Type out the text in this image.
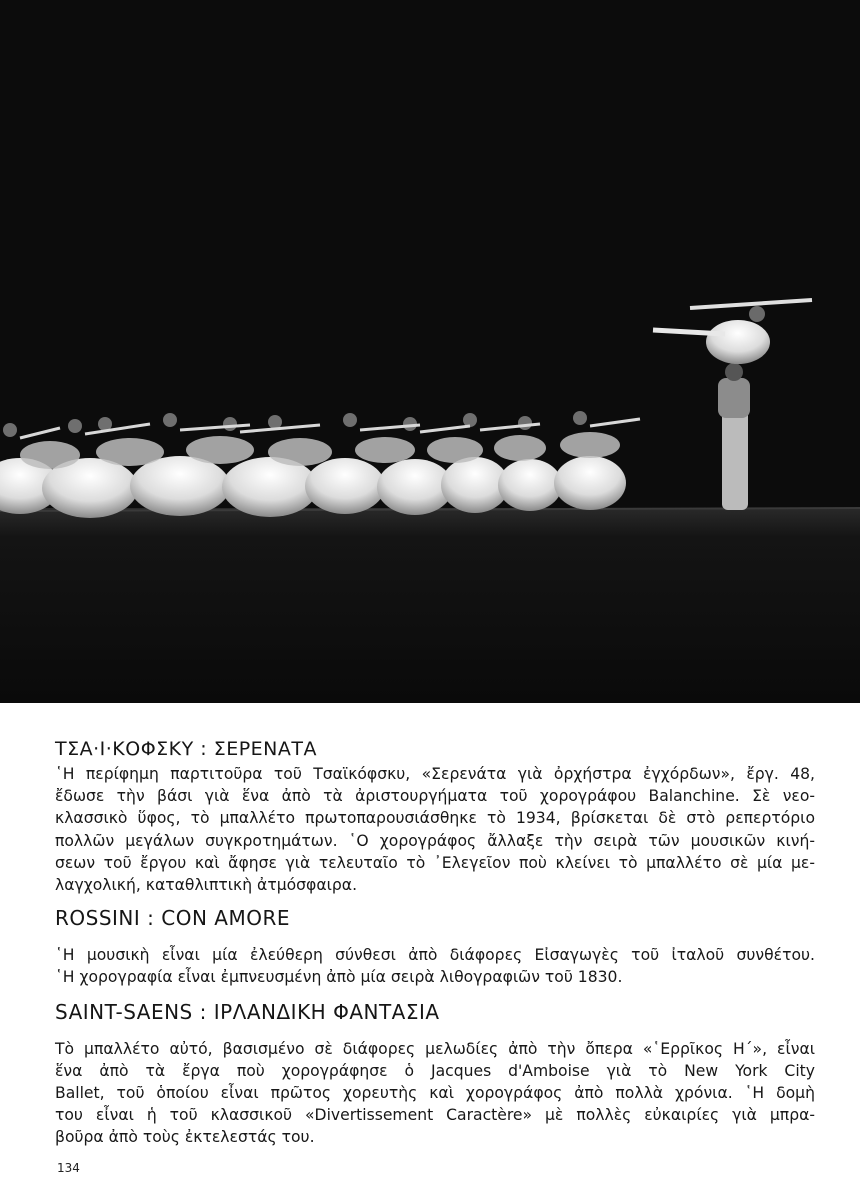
ΤΣΑ·Ι·ΚΟΦΣΚΥ : ΣΕΡΕΝΑΤΑ

῾Η περίφημη παρτιτοῦρα τοῦ Τσαϊκόφσκυ, «Σερενάτα γιὰ ὀρχήστρα ἐγχόρδων», ἔργ. 48,
ἔδωσε τὴν βάσι γιὰ ἕνα ἀπὸ τὰ ἀριστουργήματα τοῦ χορογράφου Balanchine. Σὲ νεο-
κλασσικὸ ὕφος, τὸ μπαλλέτο πρωτοπαρουσιάσθηκε τὸ 1934, βρίσκεται δὲ στὸ ρεπερτόριο
πολλῶν μεγάλων συγκροτημάτων. ῾Ο χορογράφος ἄλλαξε τὴν σειρὰ τῶν μουσικῶν κινή-
σεων τοῦ ἔργου καὶ ἄφησε γιὰ τελευταῖο τὸ ᾿Ελεγεῖον ποὺ κλείνει τὸ μπαλλέτο σὲ μία με-
λαγχολική, καταθλιπτικὴ ἀτμόσφαιρα.

ROSSINI : CON AMORE

῾Η μουσικὴ εἶναι μία ἐλεύθερη σύνθεσι ἀπὸ διάφορες Εἰσαγωγὲς τοῦ ἰταλοῦ συνθέτου.
῾Η χορογραφία εἶναι ἐμπνευσμένη ἀπὸ μία σειρὰ λιθογραφιῶν τοῦ 1830.

SAINT-SAENS : ΙΡΛΑΝΔΙΚΗ ΦΑΝΤΑΣΙΑ

Τὸ μπαλλέτο αὐτό, βασισμένο σὲ διάφορες μελωδίες ἀπὸ τὴν ὄπερα «῾Ερρῖκος Η΄», εἶναι
ἕνα ἀπὸ τὰ ἔργα ποὺ χορογράφησε ὁ Jacques d'Amboise γιὰ τὸ New York City
Ballet, τοῦ ὁποίου εἶναι πρῶτος χορευτὴς καὶ χορογράφος ἀπὸ πολλὰ χρόνια. ῾Η δομὴ
του εἶναι ἡ τοῦ κλασσικοῦ «Divertissement Caractère» μὲ πολλὲς εὐκαιρίες γιὰ μπρα-
βοῦρα ἀπὸ τοὺς ἐκτελεστάς του.

134
